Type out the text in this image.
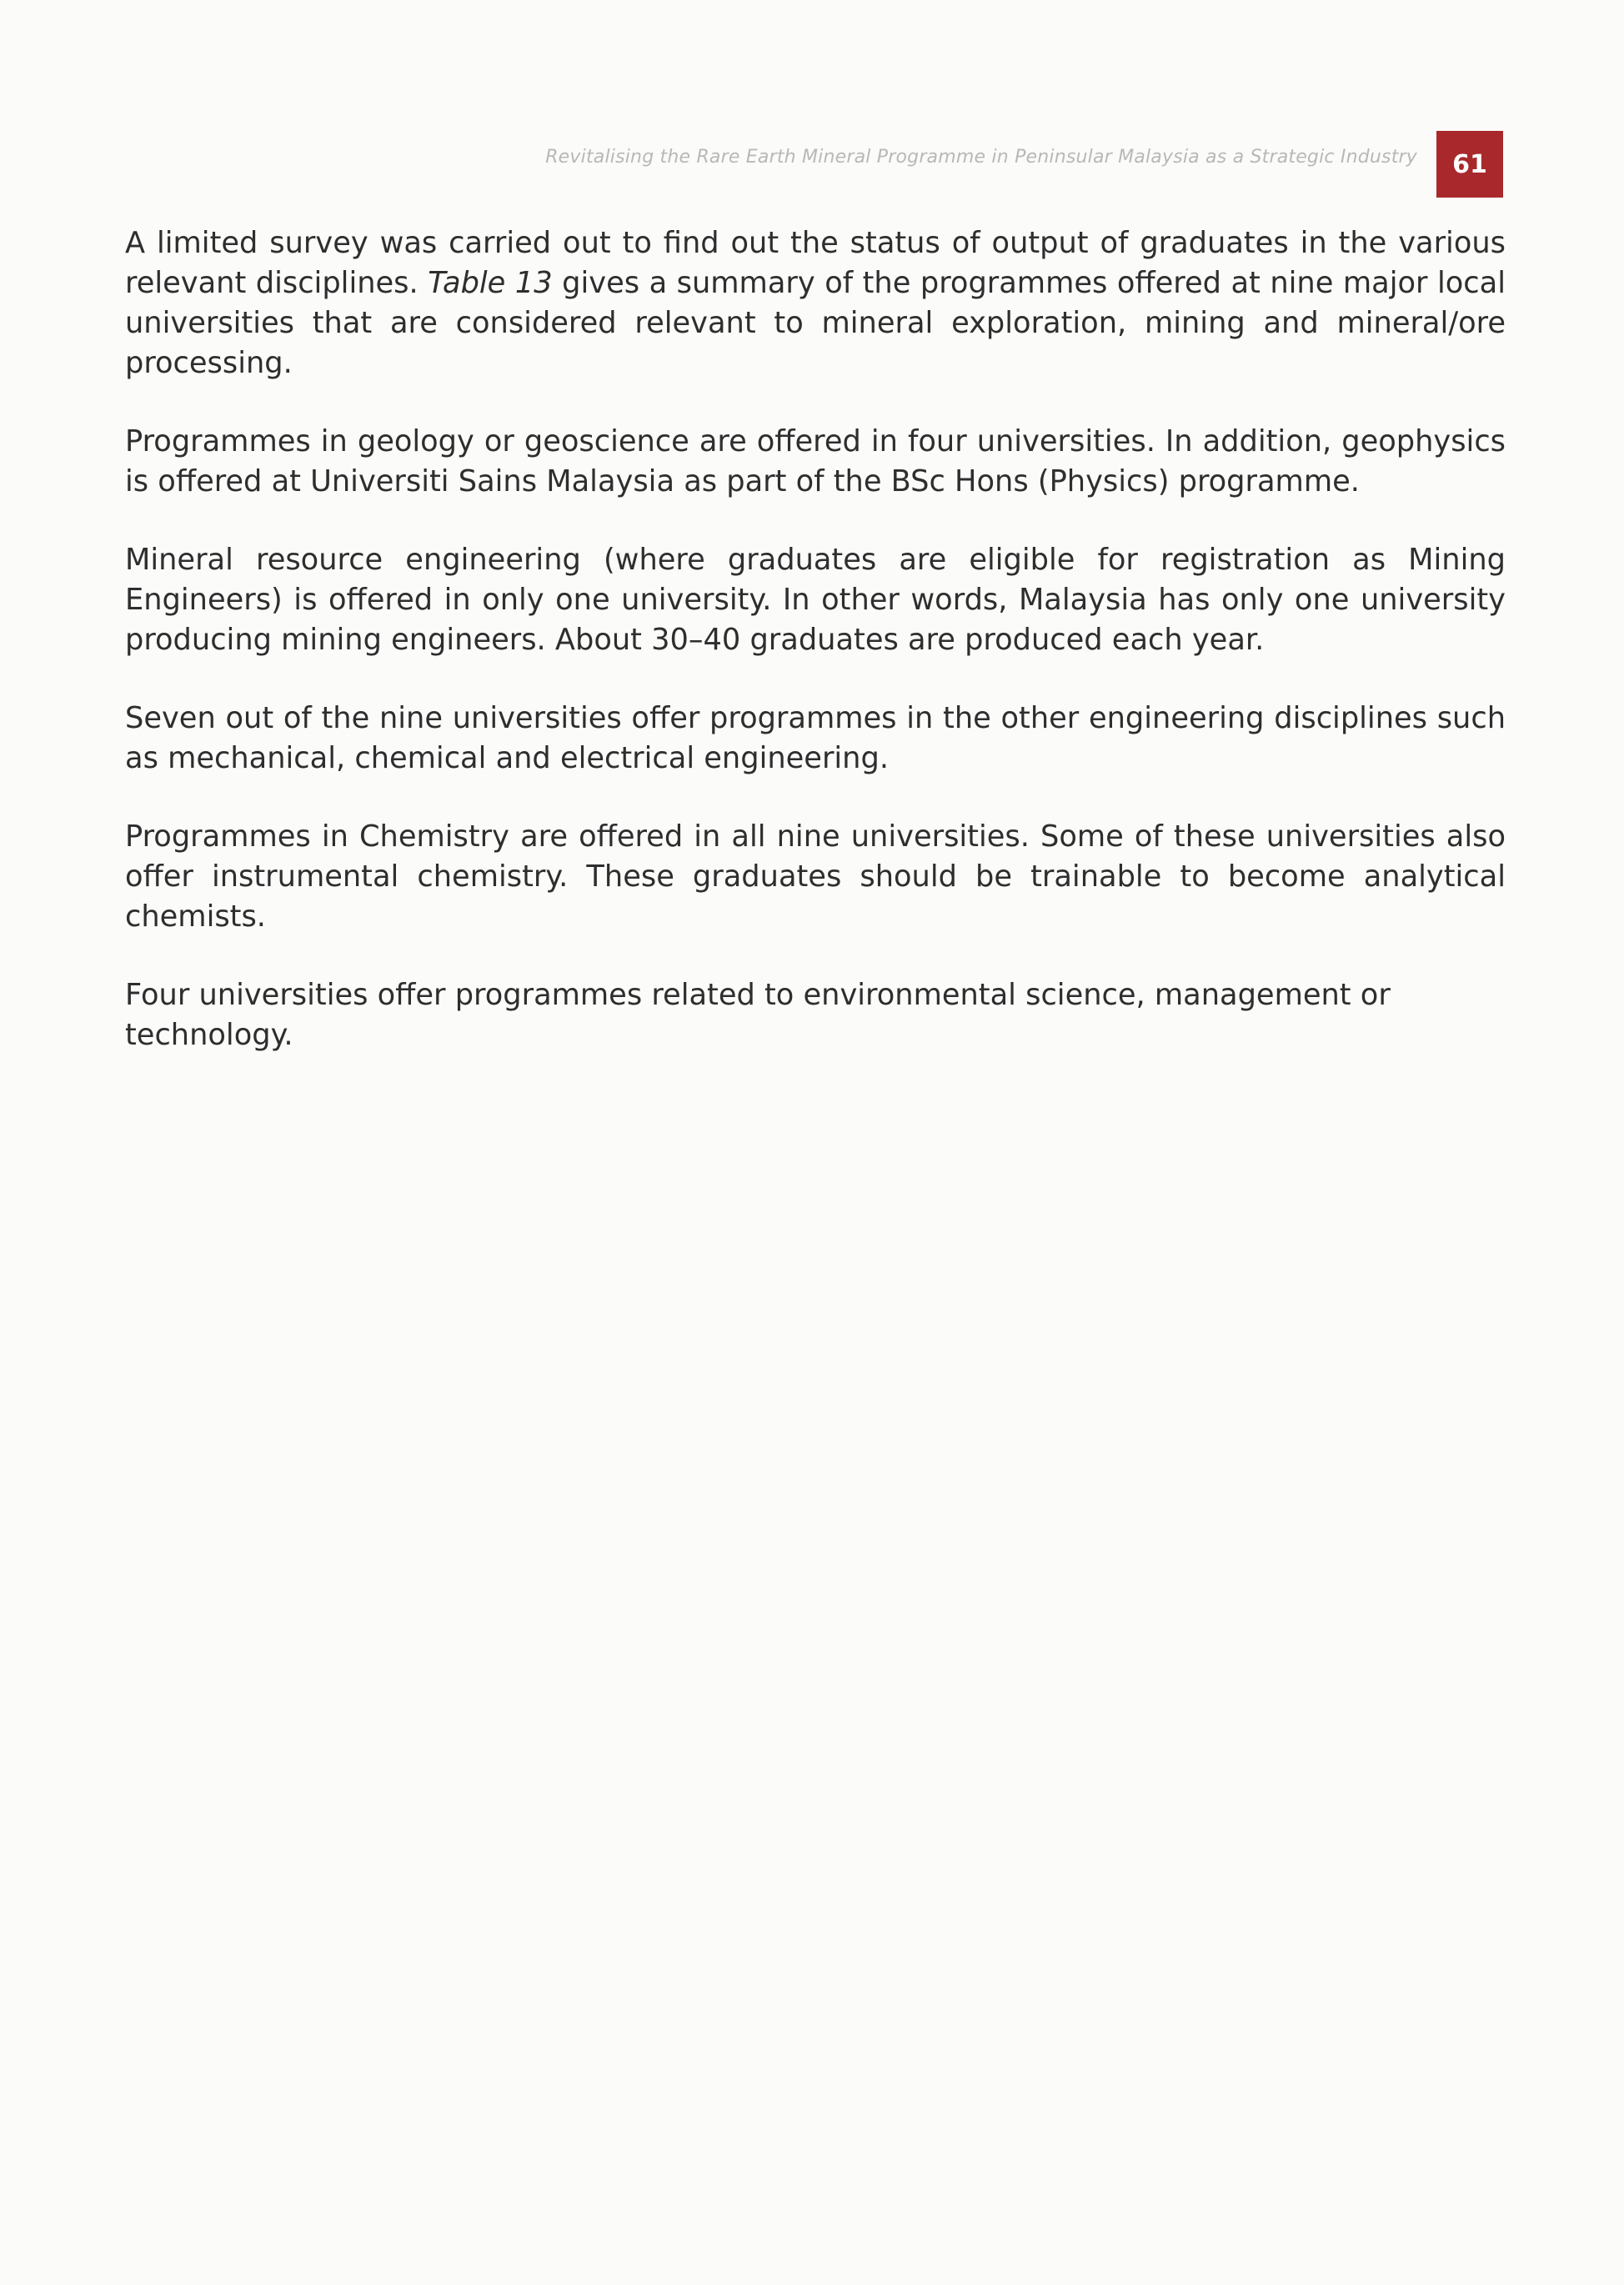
Revitalising the Rare Earth Mineral Programme in Peninsular Malaysia as a Strategic Industry 61

A limited survey was carried out to find out the status of output of graduates in the various relevant disciplines. Table 13 gives a summary of the programmes offered at nine major local universities that are considered relevant to mineral exploration, mining and mineral/ore processing.

Programmes in geology or geoscience are offered in four universities. In addition, geophysics is offered at Universiti Sains Malaysia as part of the BSc Hons (Physics) programme.

Mineral resource engineering (where graduates are eligible for registration as Mining Engineers) is offered in only one university. In other words, Malaysia has only one university producing mining engineers. About 30–40 graduates are produced each year.

Seven out of the nine universities offer programmes in the other engineering disciplines such as mechanical, chemical and electrical engineering.

Programmes in Chemistry are offered in all nine universities. Some of these universities also offer instrumental chemistry. These graduates should be trainable to become analytical chemists.

Four universities offer programmes related to environmental science, management or technology.
